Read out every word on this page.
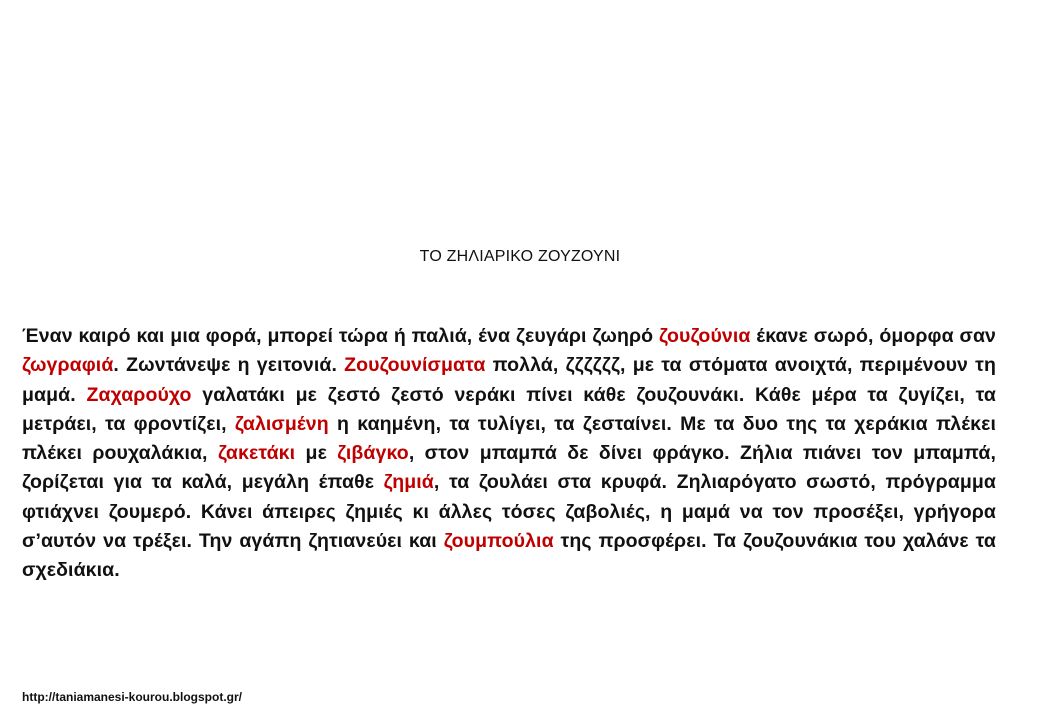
ΤΟ ΖΗΛΙΑΡΙΚΟ ΖΟΥΖΟΥΝΙ

Έναν καιρό και μια φορά, μπορεί τώρα ή παλιά, ένα ζευγάρι ζωηρό ζουζούνια έκανε σωρό, όμορφα σαν ζωγραφιά. Ζωντάνεψε η γειτονιά. Ζουζουνίσματα πολλά, ζζζζζζ, με τα στόματα ανοιχτά, περιμένουν τη μαμά. Ζαχαρούχο γαλατάκι με ζεστό ζεστό νεράκι πίνει κάθε ζουζουνάκι. Κάθε μέρα τα ζυγίζει, τα μετράει, τα φροντίζει, ζαλισμένη η καημένη, τα τυλίγει, τα ζεσταίνει. Με τα δυο της τα χεράκια πλέκει πλέκει ρουχαλάκια, ζακετάκι με ζιβάγκο, στον μπαμπά δε δίνει φράγκο. Ζήλια πιάνει τον μπαμπά, ζορίζεται για τα καλά, μεγάλη έπαθε ζημιά, τα ζουλάει στα κρυφά. Ζηλιαρόγατο σωστό, πρόγραμμα φτιάχνει ζουμερό. Κάνει άπειρες ζημιές κι άλλες τόσες ζαβολιές, η μαμά να τον προσέξει, γρήγορα σ’αυτόν να τρέξει. Την αγάπη ζητιανεύει και ζουμπούλια της προσφέρει. Τα ζουζουνάκια του χαλάνε τα σχεδιάκια.

http://taniamanesi-kourou.blogspot.gr/
